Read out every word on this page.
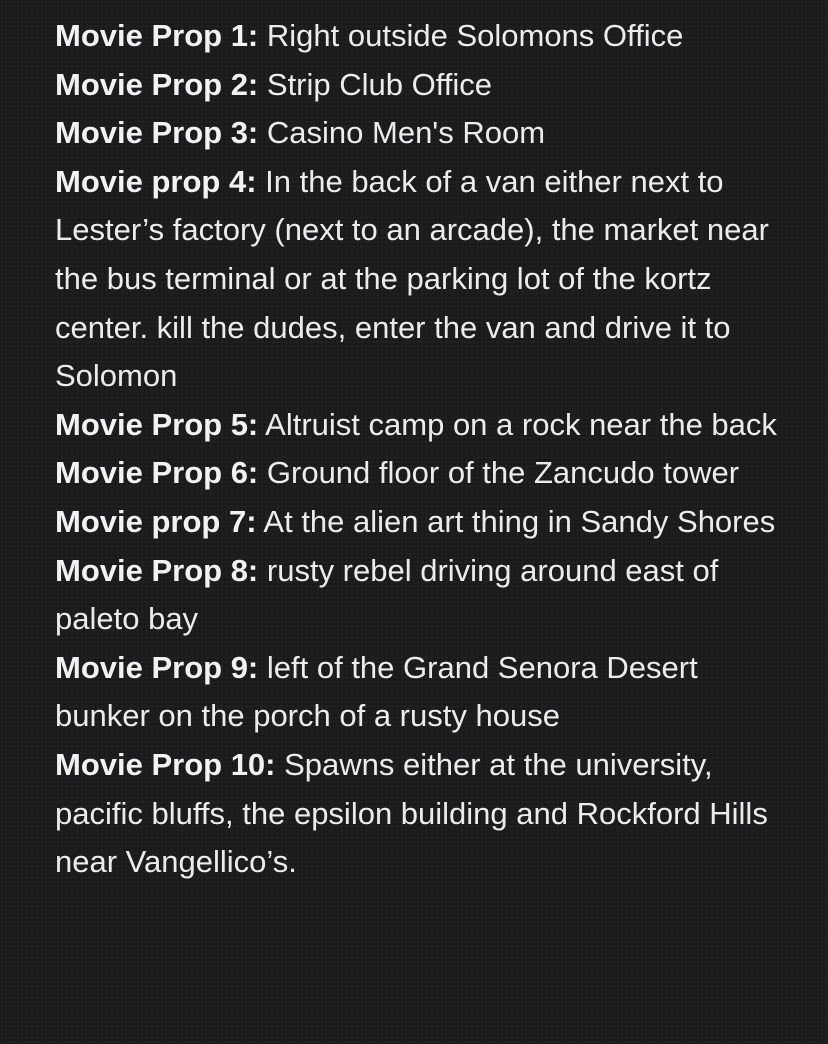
Movie Prop 1: Right outside Solomons Office

Movie Prop 2: Strip Club Office

Movie Prop 3: Casino Men's Room

Movie prop 4: In the back of a van either next to Lester’s factory (next to an arcade), the market near the bus terminal or at the parking lot of the kortz center. kill the dudes, enter the van and drive it to Solomon

Movie Prop 5: Altruist camp on a rock near the back

Movie Prop 6: Ground floor of the Zancudo tower

Movie prop 7: At the alien art thing in Sandy Shores

Movie Prop 8: rusty rebel driving around east of paleto bay

Movie Prop 9: left of the Grand Senora Desert bunker on the porch of a rusty house

Movie Prop 10: Spawns either at the university, pacific bluffs, the epsilon building and Rockford Hills near Vangellico’s.
